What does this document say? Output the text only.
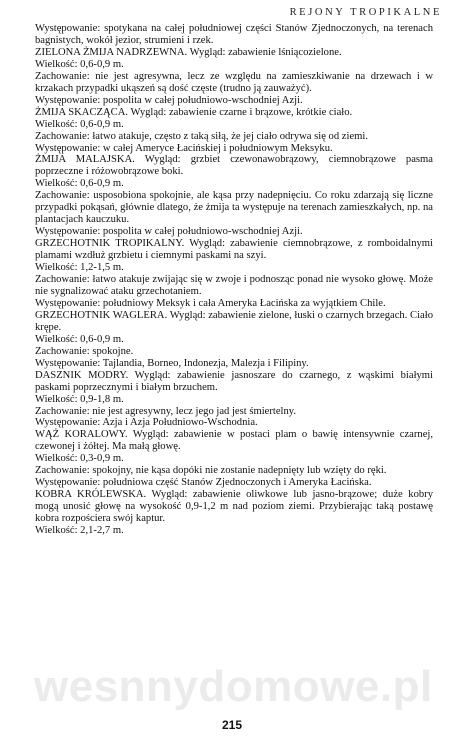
REJONY TROPIKALNE

Występowanie: spotykana na całej południowej części Stanów Zjednoczonych, na terenach bagnistych, wokół jezior, strumieni i rzek.

ZIELONA ŻMIJA NADRZEWNA. Wygląd: zabawienie lśniącozielone.

Wielkość: 0,6-0,9 m.

Zachowanie: nie jest agresywna, lecz ze względu na zamieszkiwanie na drzewach i w krzakach przypadki ukąszeń są dość częste (trudno ją zauważyć).

Występowanie: pospolita w całej południowo-wschodniej Azji.

ŻMIJA SKACZĄCA. Wygląd: zabawienie czarne i brązowe, krótkie ciało.

Wielkość: 0,6-0,9 m.

Zachowanie: łatwo atakuje, często z taką siłą, że jej ciało odrywa się od ziemi.

Występowanie: w całej Ameryce Łacińskiej i południowym Meksyku.

ŻMIJA MALAJSKA. Wygląd: grzbiet czewonawobrązowy, ciemnobrązowe pasma poprzeczne i różowobrązowe boki.

Wielkość: 0,6-0,9 m.

Zachowanie: usposobiona spokojnie, ale kąsa przy nadepnięciu. Co roku zdarzają się liczne przypadki pokąsań, głównie dlatego, że żmija ta występuje na terenach zamieszkałych, np. na plantacjach kauczuku.

Występowanie: pospolita w całej południowo-wschodniej Azji.

GRZECHOTNIK TROPIKALNY. Wygląd: zabawienie ciemnobrązowe, z romboidalnymi plamami wzdłuż grzbietu i ciemnymi paskami na szyi.

Wielkość: 1,2-1,5 m.

Zachowanie: łatwo atakuje zwijając się w zwoje i podnosząc ponad nie wysoko głowę. Może nie sygnalizować ataku grzechotaniem.

Występowanie: południowy Meksyk i cała Ameryka Łacińska za wyjątkiem Chile.

GRZECHOTNIK WAGLERA. Wygląd: zabawienie zielone, łuski o czarnych brzegach. Ciało krępe.

Wielkość: 0,6-0,9 m.

Zachowanie: spokojne.

Występowanie: Tajlandia, Borneo, Indonezja, Malezja i Filipiny.

DASZNIK MODRY. Wygląd: zabawienie jasnoszare do czarnego, z wąskimi białymi paskami poprzecznymi i białym brzuchem.

Wielkość: 0,9-1,8 m.

Zachowanie: nie jest agresywny, lecz jego jad jest śmiertelny.

Występowanie: Azja i Azja Południowo-Wschodnia.

WĄŻ KORALOWY. Wygląd: zabawienie w postaci plam o bawię intensywnie czarnej, czewonej i żółtej. Ma małą głowę.

Wielkość: 0,3-0,9 m.

Zachowanie: spokojny, nie kąsa dopóki nie zostanie nadepnięty lub wzięty do ręki.

Występowanie: południowa część Stanów Zjednoczonych i Ameryka Łacińska.

KOBRA KRÓLEWSKA. Wygląd: zabawienie oliwkowe lub jasno-brązowe; duże kobry mogą unosić głowę na wysokość 0,9-1,2 m nad poziom ziemi. Przybierając taką postawę kobra rozpościera swój kaptur.

Wielkość: 2,1-2,7 m.

wesnnydomowe.pl
215
